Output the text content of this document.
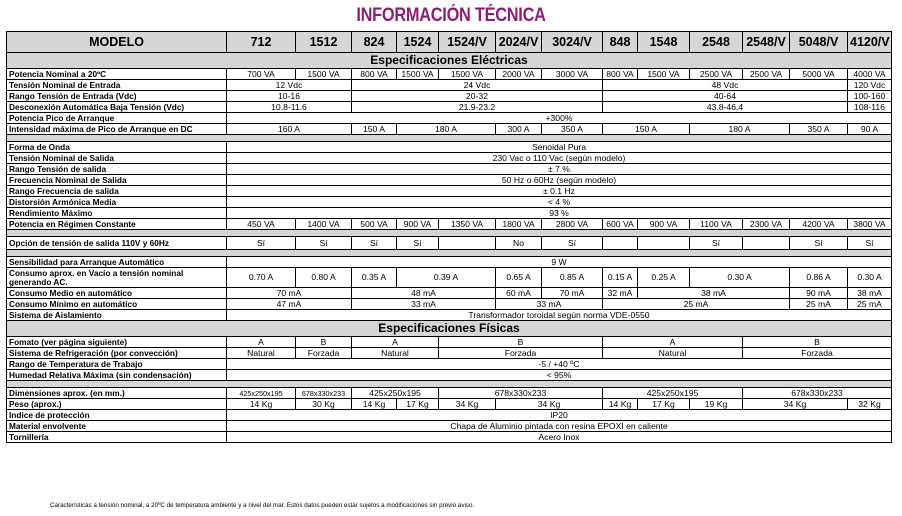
INFORMACIÓN TÉCNICA
MODELO	712	1512	824	1524	1524/V	2024/V	3024/V	848	1548	2548	2548/V	5048/V	4120/V
Especificaciones Eléctricas													
Potencia Nominal a 20ºC	700 VA	1500 VA	800 VA	1500 VA	1500 VA	2000 VA	3000 VA	800 VA	1500 VA	2500 VA	2500 VA	5000 VA	4000 VA
Tensión Nominal de Entrada	12 Vdc		24 Vdc					48 Vdc					120 Vdc
Rango Tensión de Entrada (Vdc)	10-16		20-32					40-64					100-160
Desconexión Automática Baja Tensión (Vdc)	10.8-11.6		21.9-23.2					43.8-46.4					108-116
Potencia Pico de Arranque	+300%												
Intensidad máxima de Pico de Arranque en DC	160 A		150 A	180 A		300 A	350 A	150 A		180 A		350 A	90 A

Forma de Onda	Senoidal Pura												
Tensión Nominal de Salida	230 Vac o 110 Vac (según modelo)												
Rango Tensión de salida	± 7 %												
Frecuencia Nominal de Salida	50 Hz o 60Hz (según modelo)												
Rango Frecuencia de salida	± 0.1 Hz												
Distorsión Armónica Media	< 4 %												
Rendimiento Máximo	93 %												
Potencia en Régimen Constante	450 VA	1400 VA	500 VA	900 VA	1350 VA	1800 VA	2800 VA	600 VA	900 VA	1100 VA	2300 VA	4200 VA	3800 VA

Opción de tensión de salida 110V y 60Hz	Sí	Sí	Sí	Sí		No	Sí			Sí		Sí	Sí

Sensibilidad para Arranque Automático	9 W												
Consumo aprox. en Vacío a tensión nominal generando AC.	0.70 A	0.80 A	0.35 A	0.39 A		0.65 A	0.85 A	0.15 A	0.25 A	0.30 A		0.86 A	0.30 A
Consumo Medio en automático	70 mA		48 mA			60 mA	70 mA	32 mA	38 mA			90 mA	38 mA
Consumo Mínimo en automático	47 mA		33 mA			33 mA		25 mA				25 mA	25 mA
Sistema de Aislamiento	Transformador toroidal según norma VDE-0550												
Especificaciones Físicas													
Fomato (ver página siguiente)	A	B	A		B			A			B		
Sistema de Refrigeración (por convección)	Natural	Forzada	Natural		Forzada			Natural			Forzada		
Rango de Temperatura de Trabajo	-5 / +40 ºC												
Humedad Relativa Máxima (sin condensación)	< 95%												

Dimensiones aprox. (en mm.)	425x250x195	678x330x233	425x250x195		678x330x233			425x250x195			678x330x233		
Peso (aprox.)	14 Kg	30 Kg	14 Kg	17 Kg	34 Kg	34 Kg		14 Kg	17 Kg	19 Kg	34 Kg		32 Kg
Indice de protección	IP20												
Material envolvente	Chapa de Aluminio pintada con resina EPOXI en caliente												
Tornillería	Acero Inox												
Características a tensión nominal, a 20ºC de temperatura ambiente y a nivel del mar. Estos datos pueden estar sujetos a modificaciones sin previo aviso.
